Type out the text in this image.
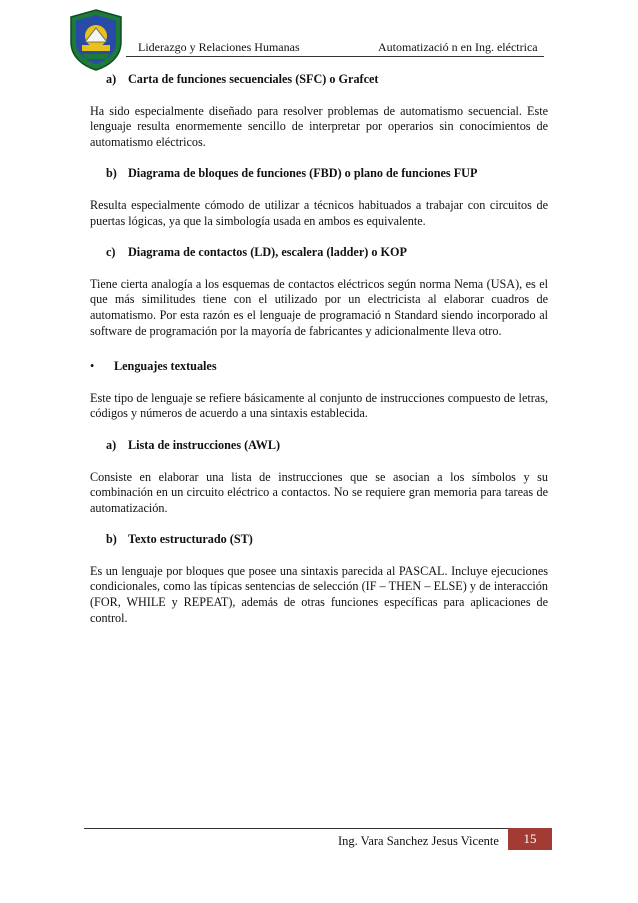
Liderazgo y Relaciones Humanas	Automatizació n en Ing. eléctrica
a) Carta de funciones secuenciales (SFC) o Grafcet

Ha sido especialmente diseñado para resolver problemas de automatismo secuencial. Este lenguaje resulta enormemente sencillo de interpretar por operarios sin conocimientos de automatismo eléctricos.

b) Diagrama de bloques de funciones (FBD) o plano de funciones FUP

Resulta especialmente cómodo de utilizar a técnicos habituados a trabajar con circuitos de puertas lógicas, ya que la simbología usada en ambos es equivalente.

c) Diagrama de contactos (LD), escalera (ladder) o KOP

Tiene cierta analogía a los esquemas de contactos eléctricos según norma Nema (USA), es el que más similitudes tiene con el utilizado por un electricista al elaborar cuadros de automatismo. Por esta razón es el lenguaje de programació n Standard siendo incorporado al software de programación por la mayoría de fabricantes y adicionalmente lleva otro.

• Lenguajes textuales

Este tipo de lenguaje se refiere básicamente al conjunto de instrucciones compuesto de letras, códigos y números de acuerdo a una sintaxis establecida.

a) Lista de instrucciones (AWL)

Consiste en elaborar una lista de instrucciones que se asocian a los símbolos y su combinación en un circuito eléctrico a contactos. No se requiere gran memoria para tareas de automatización.

b) Texto estructurado (ST)

Es un lenguaje por bloques que posee una sintaxis parecida al PASCAL. Incluye ejecuciones condicionales, como las típicas sentencias de selección (IF – THEN – ELSE) y de interacción (FOR, WHILE y REPEAT), además de otras funciones específicas para aplicaciones de control.

Ing. Vara Sanchez Jesus Vicente	15
